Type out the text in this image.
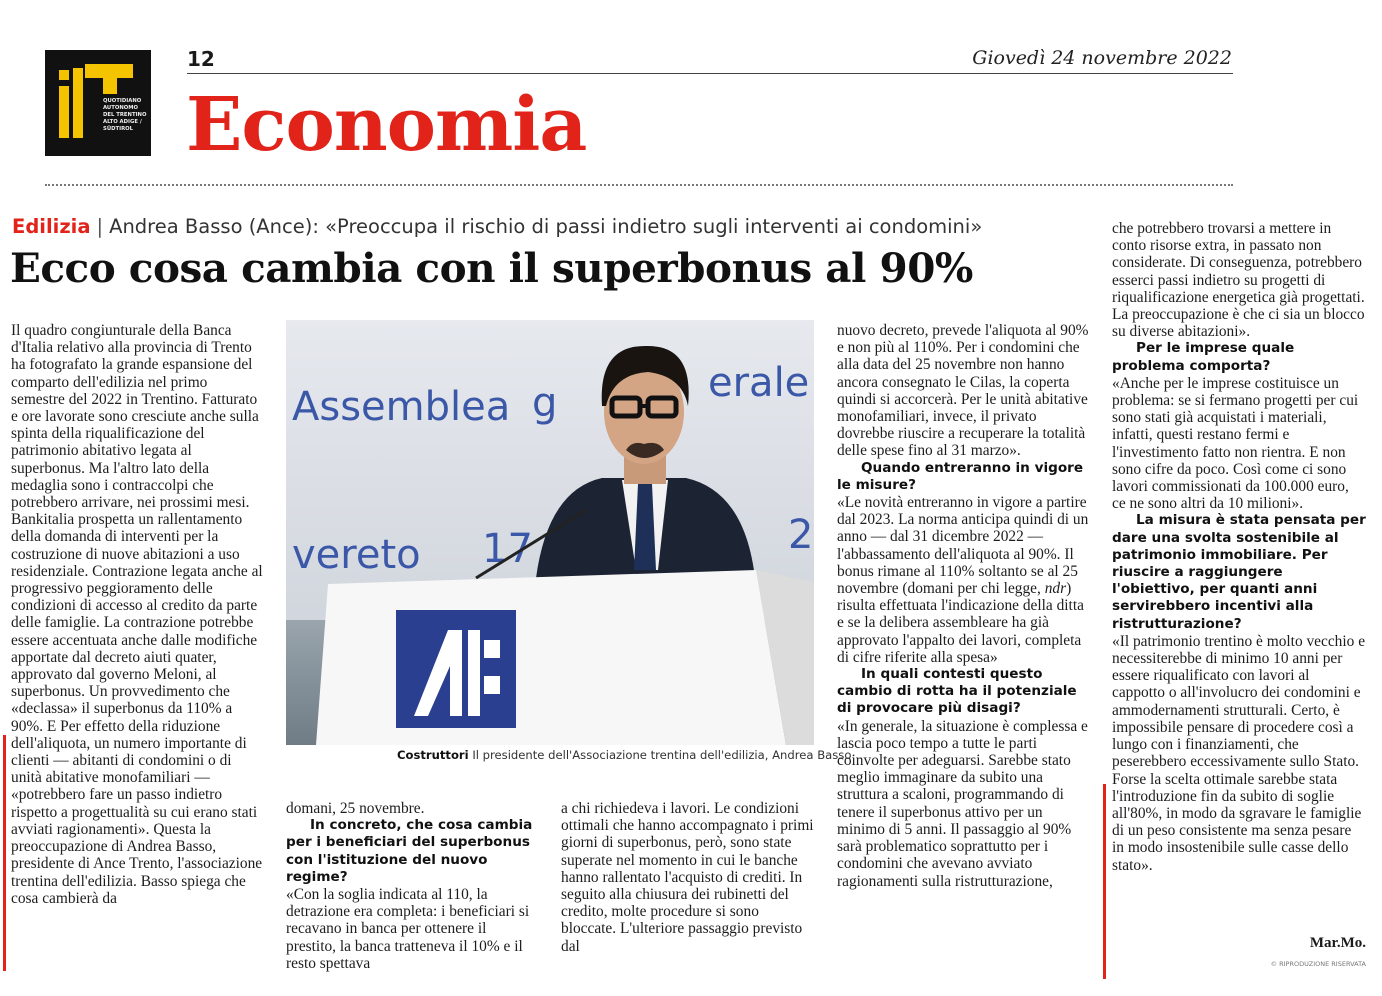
QUOTIDIANO AUTONOMO DEL TRENTINO ALTO ADIGE / SÜDTIROL
12	Giovedì 24 novembre 2022
Economia
Edilizia | Andrea Basso (Ance): «Preoccupa il rischio di passi indietro sugli interventi ai condomini»
Ecco cosa cambia con il superbonus al 90%

Il quadro congiunturale della Banca d'Italia relativo alla provincia di Trento ha fotografato la grande espansione del comparto dell'edilizia nel primo semestre del 2022 in Trentino. Fatturato e ore lavorate sono cresciute anche sulla spinta della riqualificazione del patrimonio abitativo legata al superbonus. Ma l'altro lato della medaglia sono i contraccolpi che potrebbero arrivare, nei prossimi mesi. Bankitalia prospetta un rallentamento della domanda di interventi per la costruzione di nuove abitazioni a uso residenziale. Contrazione legata anche al progressivo peggioramento delle condizioni di accesso al credito da parte delle famiglie. La contrazione potrebbe essere accentuata anche dalle modifiche apportate dal decreto aiuti quater, approvato dal governo Meloni, al superbonus. Un provvedimento che «declassa» il superbonus da 110% a 90%. E Per effetto della riduzione dell'aliquota, un numero importante di clienti — abitanti di condomini o di unità abitative monofamiliari — «potrebbero fare un passo indietro rispetto a progettualità su cui erano stati avviati ragionamenti». Questa la preoccupazione di Andrea Basso, presidente di Ance Trento, l'associazione trentina dell'edilizia. Basso spiega che cosa cambierà da

Assemblea g	erale
vereto 17	2
Costruttori Il presidente dell'Associazione trentina dell'edilizia, Andrea Basso

domani, 25 novembre.

In concreto, che cosa cambia per i beneficiari del superbonus con l'istituzione del nuovo regime?

«Con la soglia indicata al 110, la detrazione era completa: i beneficiari si recavano in banca per ottenere il prestito, la banca tratteneva il 10% e il resto spettava

a chi richiedeva i lavori. Le condizioni ottimali che hanno accompagnato i primi giorni di superbonus, però, sono state superate nel momento in cui le banche hanno rallentato l'acquisto di crediti. In seguito alla chiusura dei rubinetti del credito, molte procedure si sono bloccate. L'ulteriore passaggio previsto dal

nuovo decreto, prevede l'aliquota al 90% e non più al 110%. Per i condomini che alla data del 25 novembre non hanno ancora consegnato le Cilas, la coperta quindi si accorcerà. Per le unità abitative monofamiliari, invece, il privato dovrebbe riuscire a recuperare la totalità delle spese fino al 31 marzo».

Quando entreranno in vigore le misure?

«Le novità entreranno in vigore a partire dal 2023. La norma anticipa quindi di un anno — dal 31 dicembre 2022 — l'abbassamento dell'aliquota al 90%. Il bonus rimane al 110% soltanto se al 25 novembre (domani per chi legge, ndr) risulta effettuata l'indicazione della ditta e se la delibera assembleare ha già approvato l'appalto dei lavori, completa di cifre riferite alla spesa»

In quali contesti questo cambio di rotta ha il potenziale di provocare più disagi?

«In generale, la situazione è complessa e lascia poco tempo a tutte le parti coinvolte per adeguarsi. Sarebbe stato meglio immaginare da subito una struttura a scaloni, programmando di tenere il superbonus attivo per un minimo di 5 anni. Il passaggio al 90% sarà problematico soprattutto per i condomini che avevano avviato ragionamenti sulla ristrutturazione,

che potrebbero trovarsi a mettere in conto risorse extra, in passato non considerate. Di conseguenza, potrebbero esserci passi indietro su progetti di riqualificazione energetica già progettati. La preoccupazione è che ci sia un blocco su diverse abitazioni».

Per le imprese quale problema comporta?

«Anche per le imprese costituisce un problema: se si fermano progetti per cui sono stati già acquistati i materiali, infatti, questi restano fermi e l'investimento fatto non rientra. E non sono cifre da poco. Così come ci sono lavori commissionati da 100.000 euro, ce ne sono altri da 10 milioni».

La misura è stata pensata per dare una svolta sostenibile al patrimonio immobiliare. Per riuscire a raggiungere l'obiettivo, per quanti anni servirebbero incentivi alla ristrutturazione?

«Il patrimonio trentino è molto vecchio e necessiterebbe di minimo 10 anni per essere riqualificato con lavori al cappotto o all'involucro dei condomini e ammodernamenti strutturali. Certo, è impossibile pensare di procedere così a lungo con i finanziamenti, che peserebbero eccessivamente sullo Stato. Forse la scelta ottimale sarebbe stata l'introduzione fin da subito di soglie all'80%, in modo da sgravare le famiglie di un peso consistente ma senza pesare in modo insostenibile sulle casse dello stato».

Mar.Mo.
© RIPRODUZIONE RISERVATA
